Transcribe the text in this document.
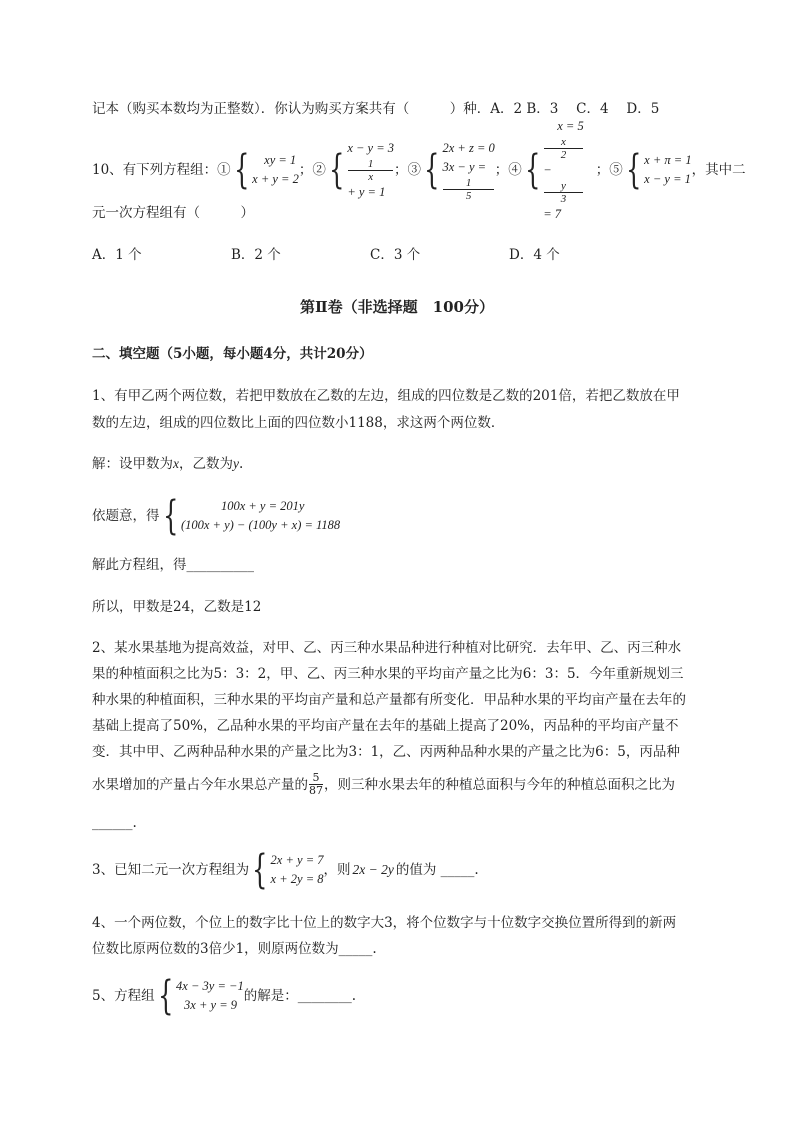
记本（购买本数均为正整数）．你认为购买方案共有（　　　）种．A．2 B．3　 C．4　 D．5
10、有下列方程组：① {	xy = 1
x + y = 2
；② { x − y = 3
1
x
+ y = 1
；③ { 2x + z = 0
3x − y =
1
5
；④ {
x = 5
x
2
−
y
3
= 7
；⑤ { x + π = 1
x − y = 1
，其中二
元一次方程组有（　　　）
A．1 个	B．2 个	C．3 个	D．4 个
第Ⅱ卷（非选择题　100分）
二、填空题（5小题，每小题4分，共计20分）
1、有甲乙两个两位数，若把甲数放在乙数的左边，组成的四位数是乙数的201倍，若把乙数放在甲
数的左边，组成的四位数比上面的四位数小1188，求这两个两位数．
解：设甲数为x，乙数为y.
依题意，得 {	100x + y = 201y
(100x + y) − (100y + x) = 1188
解此方程组，得__________
所以，甲数是24，乙数是12
2、某水果基地为提高效益，对甲、乙、丙三种水果品种进行种植对比研究．去年甲、乙、丙三种水
果的种植面积之比为5：3：2，甲、乙、丙三种水果的平均亩产量之比为6：3：5．今年重新规划三
种水果的种植面积，三种水果的平均亩产量和总产量都有所变化．甲品种水果的平均亩产量在去年的
基础上提高了50%，乙品种水果的平均亩产量在去年的基础上提高了20%，丙品种的平均亩产量不
变．其中甲、乙两种品种水果的产量之比为3：1，乙、丙两种品种水果的产量之比为6：5，丙品种
水果增加的产量占今年水果总产量的 $\frac{5}{87}$ ，则三种水果去年的种植总面积与今年的种植总面积之比为
______.
3、已知二元一次方程组为 { 2x + y = 7
x + 2y = 8
，则 2x − 2y 的值为 _____.
4、一个两位数，个位上的数字比十位上的数字大3，将个位数字与十位数字交换位置所得到的新两
位数比原两位数的3倍少1，则原两位数为_____.
5、方程组 { 4x − 3y = −1
3x + y = 9
的解是：________.
